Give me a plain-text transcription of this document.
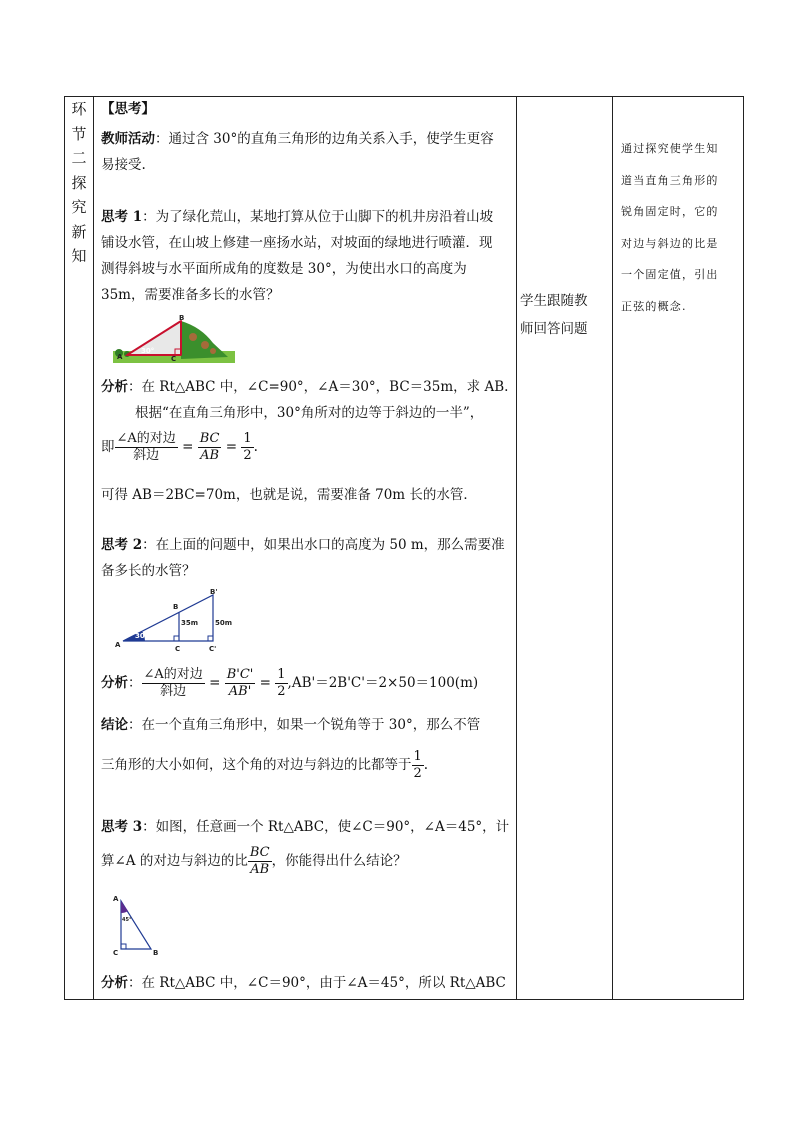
环
节
二
探
究
新
知
【思考】
教师活动：通过含 30°的直角三角形的边角关系入手，使学生更容
易接受.
思考 1：为了绿化荒山，某地打算从位于山脚下的机井房沿着山坡
铺设水管，在山坡上修建一座扬水站，对坡面的绿地进行喷灌．现
测得斜坡与水平面所成角的度数是 30°，为使出水口的高度为
35m，需要准备多长的水管？
A
B
C
30°
分析：在 Rt△ABC 中，∠C=90°，∠A＝30°，BC＝35m，求 AB.
根据“在直角三角形中，30°角所对的边等于斜边的一半”，
即 $\frac{\text{∠A的对边}}{\text{斜边}} = \frac{BC}{AB} = \frac{1}{2}$ .
可得 AB＝2BC=70m，也就是说，需要准备 70m 长的水管．
思考 2：在上面的问题中，如果出水口的高度为 50 m，那么需要准
备多长的水管？
A
B
B'
C	C'
35m 50m
30°
分析： $\frac{\text{∠A的对边}}{\text{斜边}} = \frac{B'C'}{AB'} = \frac{1}{2} ,AB'=2B'C'=2\times 50=100(m)$
结论：在一个直角三角形中，如果一个锐角等于 30°，那么不管
三角形的大小如何，这个角的对边与斜边的比都等于 $\frac{1}{2}$ .
思考 3：如图，任意画一个 Rt△ABC，使∠C＝90°，∠A＝45°，计
算∠A 的对边与斜边的比 $\frac{BC}{AB}$ ，你能得出什么结论？
A
C	B
45°
分析：在 Rt△ABC 中，∠C＝90°，由于∠A＝45°，所以 Rt△ABC
学生跟随教
师回答问题
通过探究使学生知
道当直角三角形的
锐角固定时，它的
对边与斜边的比是
一个固定值，引出
正弦的概念.
